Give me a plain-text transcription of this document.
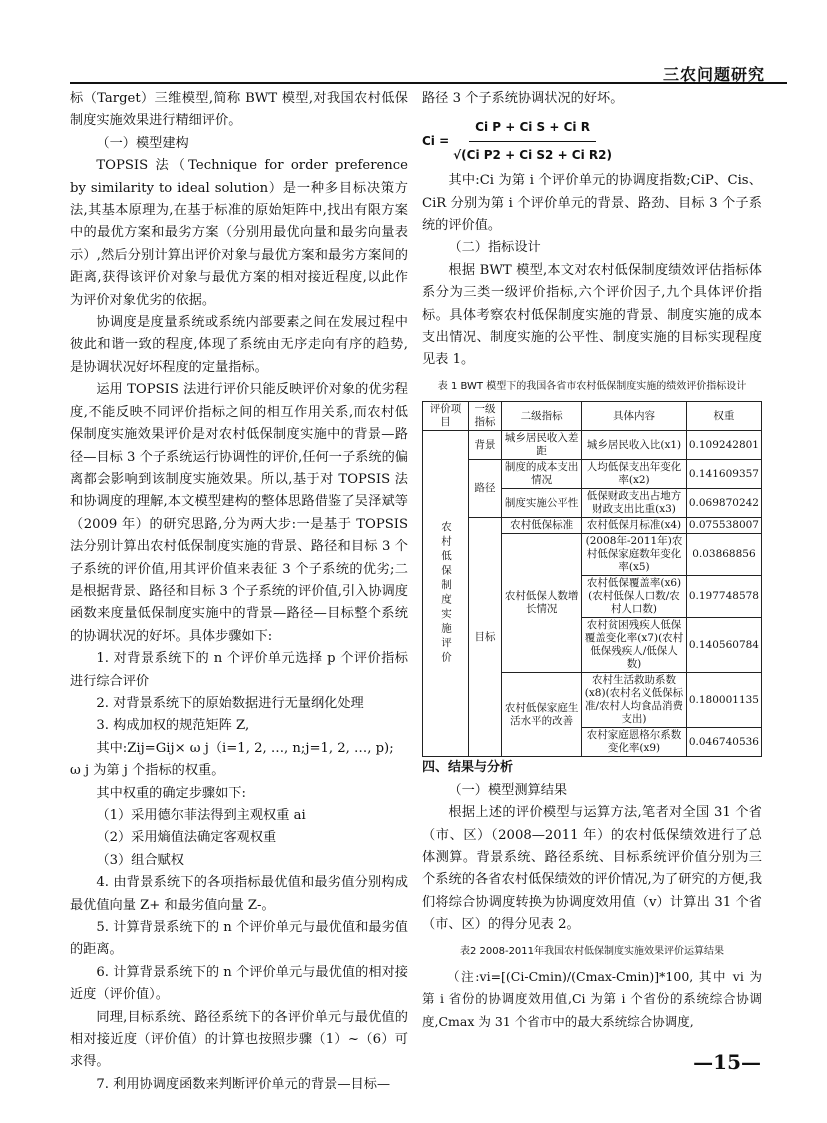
三农问题研究

标（Target）三维模型,简称 BWT 模型,对我国农村低保制度实施效果进行精细评价。

（一）模型建构

TOPSIS 法（Technique for order preference by similarity to ideal solution）是一种多目标决策方法,其基本原理为,在基于标准的原始矩阵中,找出有限方案中的最优方案和最劣方案（分别用最优向量和最劣向量表示）,然后分别计算出评价对象与最优方案和最劣方案间的距离,获得该评价对象与最优方案的相对接近程度,以此作为评价对象优劣的依据。

协调度是度量系统或系统内部要素之间在发展过程中彼此和谐一致的程度,体现了系统由无序走向有序的趋势,是协调状况好坏程度的定量指标。

运用 TOPSIS 法进行评价只能反映评价对象的优劣程度,不能反映不同评价指标之间的相互作用关系,而农村低保制度实施效果评价是对农村低保制度实施中的背景—路径—目标 3 个子系统运行协调性的评价,任何一子系统的偏离都会影响到该制度实施效果。所以,基于对 TOPSIS 法和协调度的理解,本文模型建构的整体思路借鉴了吴泽斌等（2009 年）的研究思路,分为两大步:一是基于 TOPSIS 法分别计算出农村低保制度实施的背景、路径和目标 3 个子系统的评价值,用其评价值来表征 3 个子系统的优劣;二是根据背景、路径和目标 3 个子系统的评价值,引入协调度函数来度量低保制度实施中的背景—路径—目标整个系统的协调状况的好坏。具体步骤如下:

1. 对背景系统下的 n 个评价单元选择 p 个评价指标进行综合评价

2. 对背景系统下的原始数据进行无量纲化处理

3. 构成加权的规范矩阵 Z,

其中:Zij=Gij× ω j（i=1, 2, …, n;j=1, 2, …, p);

ω j 为第 j 个指标的权重。

其中权重的确定步骤如下:

（1）采用德尔菲法得到主观权重 ai

（2）采用熵值法确定客观权重

（3）组合赋权

4. 由背景系统下的各项指标最优值和最劣值分别构成最优值向量 Z+ 和最劣值向量 Z-。

5. 计算背景系统下的 n 个评价单元与最优值和最劣值的距离。

6. 计算背景系统下的 n 个评价单元与最优值的相对接近度（评价值）。

同理,目标系统、路径系统下的各评价单元与最优值的相对接近度（评价值）的计算也按照步骤（1）~（6）可求得。

7. 利用协调度函数来判断评价单元的背景—目标—

路径 3 个子系统协调状况的好坏。

$Ci = \frac{\text{Ci P + Ci S + Ci R}}{\text{√(Ci P2 + Ci S2 + Ci R2)}}$

其中:Ci 为第 i 个评价单元的协调度指数;CiP、Cis、CiR 分别为第 i 个评价单元的背景、路劲、目标 3 个子系统的评价值。

（二）指标设计

根据 BWT 模型,本文对农村低保制度绩效评估指标体系分为三类一级评价指标,六个评价因子,九个具体评价指标。具体考察农村低保制度实施的背景、制度实施的成本支出情况、制度实施的公平性、制度实施的目标实现程度见表 1。

表 1 BWT 模型下的我国各省市农村低保制度实施的绩效评价指标设计
评价项目	一级指标	二级指标	具体内容	权重

农村低保制度实施评价	背景	城乡居民收入差距	城乡居民收入比(x1)	0.109242801
	路径	制度的成本支出情况	人均低保支出年变化率(x2)	0.141609357
		制度实施公平性	低保财政支出占地方财政支出比重(x3)	0.069870242
	目标	农村低保标准	农村低保月标准(x4)	0.075538007
		农村低保人数增长情况	(2008年-2011年)农村低保家庭数年变化率(x5)	0.03868856
			农村低保覆盖率(x6)(农村低保人口数/农村人口数)	0.197748578
			农村贫困残疾人低保覆盖变化率(x7)(农村低保残疾人/低保人数)	0.140560784
		农村低保家庭生活水平的改善	农村生活救助系数(x8)(农村名义低保标准/农村人均食品消费支出)	0.180001135
			农村家庭恩格尔系数变化率(x9)	0.046740536

四、结果与分析

（一）模型测算结果

根据上述的评价模型与运算方法,笔者对全国 31 个省（市、区）（2008—2011 年）的农村低保绩效进行了总体测算。背景系统、路径系统、目标系统评价值分别为三个系统的各省农村低保绩效的评价情况,为了研究的方便,我们将综合协调度转换为协调度效用值（v）计算出 31 个省（市、区）的得分见表 2。

表2 2008-2011年我国农村低保制度实施效果评价运算结果

（注:vi=[(Ci-Cmin)/(Cmax-Cmin)]*100, 其中 vi 为第 i 省份的协调度效用值,Ci 为第 i 个省份的系统综合协调度,Cmax 为 31 个省市中的最大系统综合协调度,

—15—
